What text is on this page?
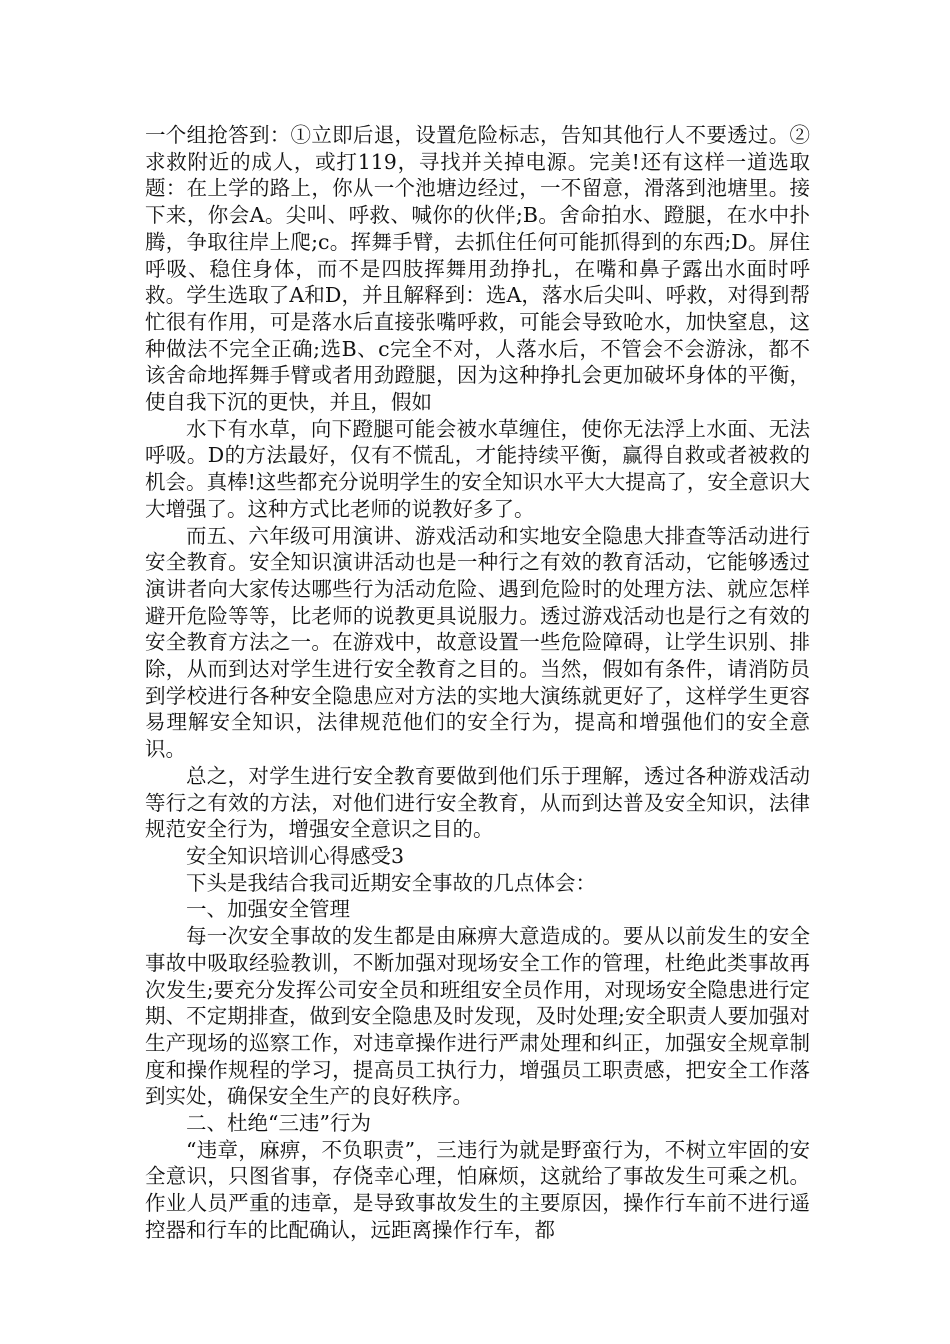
一个组抢答到：①立即后退，设置危险标志，告知其他行人不要透过。②求救附近的成人，或打119，寻找并关掉电源。完美!还有这样一道选取题：在上学的路上，你从一个池塘边经过，一不留意，滑落到池塘里。接下来，你会A。尖叫、呼救、喊你的伙伴;B。舍命拍水、蹬腿，在水中扑腾，争取往岸上爬;c。挥舞手臂，去抓住任何可能抓得到的东西;D。屏住呼吸、稳住身体，而不是四肢挥舞用劲挣扎，在嘴和鼻子露出水面时呼救。学生选取了A和D，并且解释到：选A，落水后尖叫、呼救，对得到帮忙很有作用，可是落水后直接张嘴呼救，可能会导致呛水，加快窒息，这种做法不完全正确;选B、c完全不对，人落水后，不管会不会游泳，都不该舍命地挥舞手臂或者用劲蹬腿，因为这种挣扎会更加破坏身体的平衡，使自我下沉的更快，并且，假如

水下有水草，向下蹬腿可能会被水草缠住，使你无法浮上水面、无法呼吸。D的方法最好，仅有不慌乱，才能持续平衡，赢得自救或者被救的机会。真棒!这些都充分说明学生的安全知识水平大大提高了，安全意识大大增强了。这种方式比老师的说教好多了。

而五、六年级可用演讲、游戏活动和实地安全隐患大排查等活动进行安全教育。安全知识演讲活动也是一种行之有效的教育活动，它能够透过演讲者向大家传达哪些行为活动危险、遇到危险时的处理方法、就应怎样避开危险等等，比老师的说教更具说服力。透过游戏活动也是行之有效的安全教育方法之一。在游戏中，故意设置一些危险障碍，让学生识别、排除，从而到达对学生进行安全教育之目的。当然，假如有条件，请消防员到学校进行各种安全隐患应对方法的实地大演练就更好了，这样学生更容易理解安全知识，法律规范他们的安全行为，提高和增强他们的安全意识。

总之，对学生进行安全教育要做到他们乐于理解，透过各种游戏活动等行之有效的方法，对他们进行安全教育，从而到达普及安全知识，法律规范安全行为，增强安全意识之目的。

安全知识培训心得感受3

下头是我结合我司近期安全事故的几点体会：

一、加强安全管理

每一次安全事故的发生都是由麻痹大意造成的。要从以前发生的安全事故中吸取经验教训，不断加强对现场安全工作的管理，杜绝此类事故再次发生;要充分发挥公司安全员和班组安全员作用，对现场安全隐患进行定期、不定期排查，做到安全隐患及时发现，及时处理;安全职责人要加强对生产现场的巡察工作，对违章操作进行严肃处理和纠正，加强安全规章制度和操作规程的学习，提高员工执行力，增强员工职责感，把安全工作落到实处，确保安全生产的良好秩序。

二、杜绝“三违”行为

“违章，麻痹，不负职责”，三违行为就是野蛮行为，不树立牢固的安全意识，只图省事，存侥幸心理，怕麻烦，这就给了事故发生可乘之机。作业人员严重的违章，是导致事故发生的主要原因，操作行车前不进行遥控器和行车的比配确认，远距离操作行车，都
